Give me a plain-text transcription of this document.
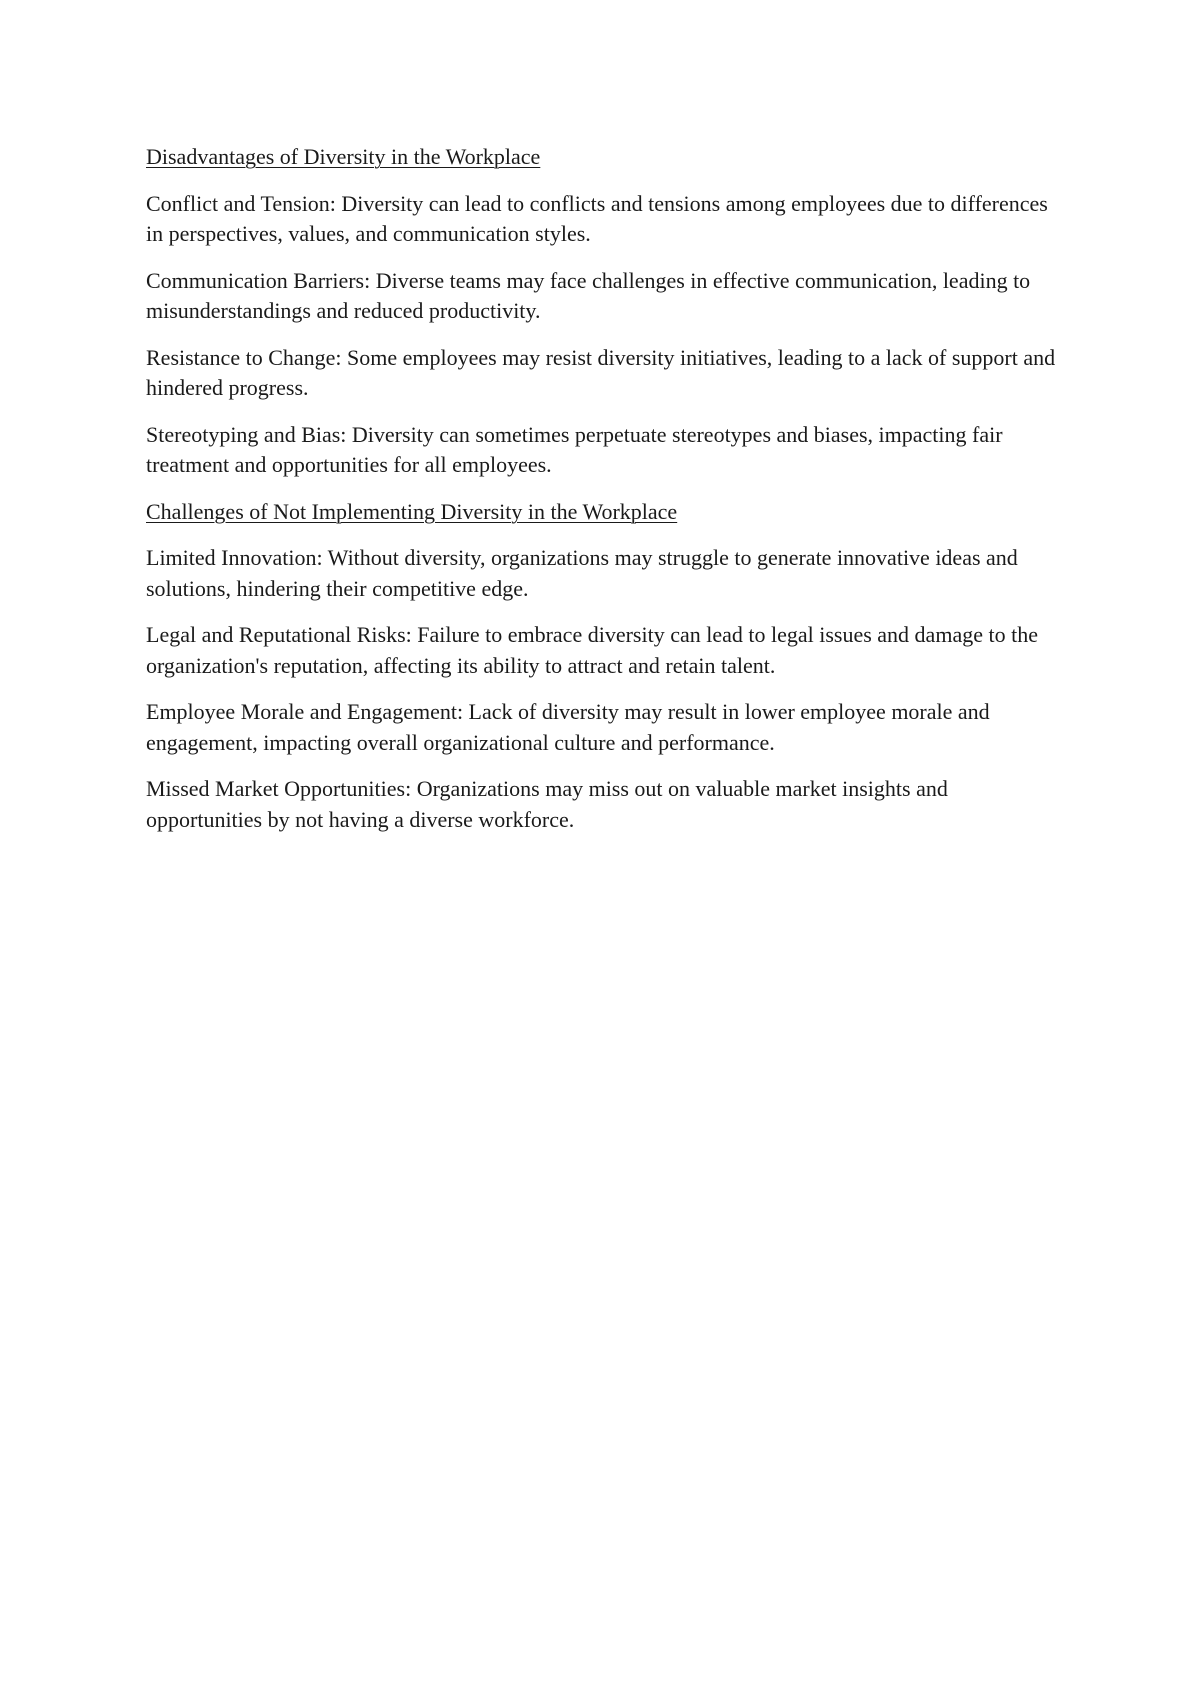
Disadvantages of Diversity in the Workplace

Conflict and Tension: Diversity can lead to conflicts and tensions among employees due to differences in perspectives, values, and communication styles.

Communication Barriers: Diverse teams may face challenges in effective communication, leading to misunderstandings and reduced productivity.

Resistance to Change: Some employees may resist diversity initiatives, leading to a lack of support and hindered progress.

Stereotyping and Bias: Diversity can sometimes perpetuate stereotypes and biases, impacting fair treatment and opportunities for all employees.

Challenges of Not Implementing Diversity in the Workplace

Limited Innovation: Without diversity, organizations may struggle to generate innovative ideas and solutions, hindering their competitive edge.

Legal and Reputational Risks: Failure to embrace diversity can lead to legal issues and damage to the organization's reputation, affecting its ability to attract and retain talent.

Employee Morale and Engagement: Lack of diversity may result in lower employee morale and engagement, impacting overall organizational culture and performance.

Missed Market Opportunities: Organizations may miss out on valuable market insights and opportunities by not having a diverse workforce.
